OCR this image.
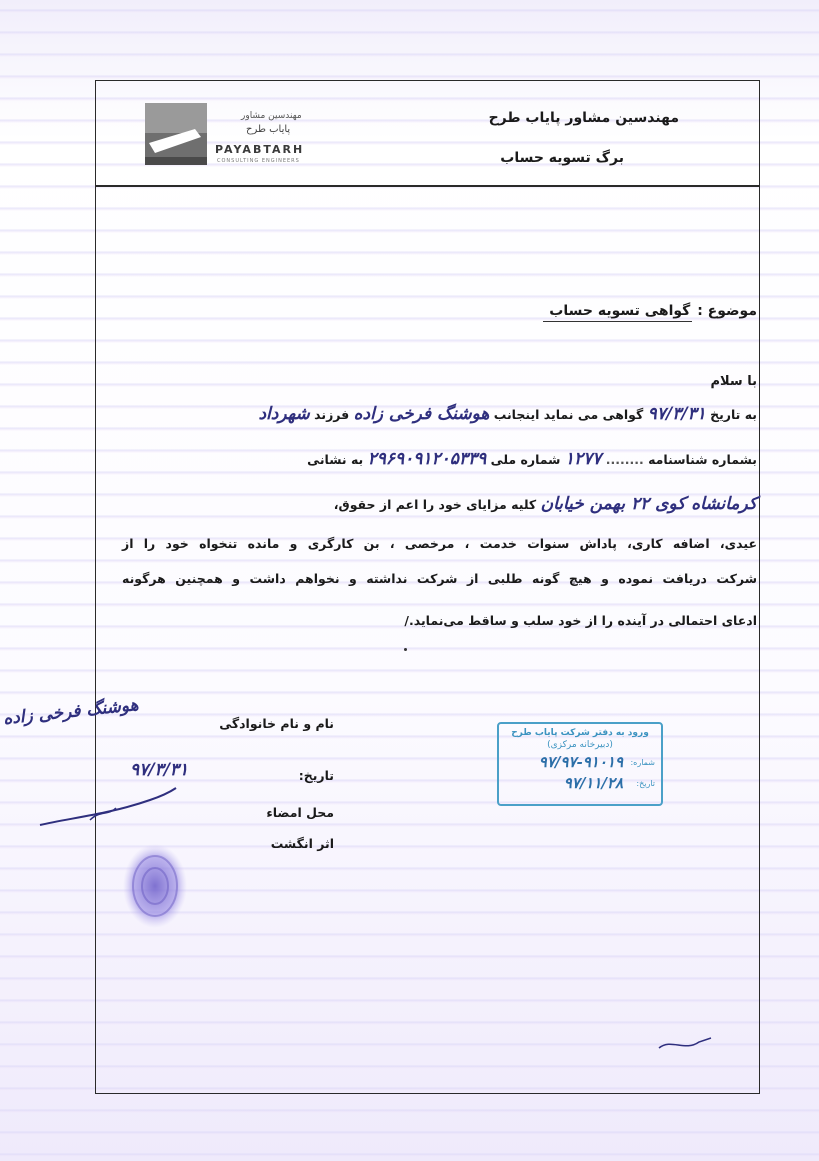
مهندسین مشاور
پایاب طرح
PAYABTARH
CONSULTING ENGINEERS
مهندسین مشاور پایاب طرح
برگ تسویه حساب
موضوع : گواهی تسویه حساب
با سلام
به تاریخ ۹۷/۳/۳۱ گواهی می نماید اینجانب هوشنگ فرخی زاده فرزند شهرداد
بشماره شناسنامه ........ ۱۲۷۷ شماره ملی ۲۹۶۹۰۹۱۲۰۵۳۳۹ به نشانی
کرمانشاه کوی ۲۲ بهمن خیابان کلیه مزایای خود را اعم از حقوق،
عیدی، اضافه کاری، پاداش سنوات خدمت ، مرخصی ، بن کارگری و مانده تنخواه خود را از
شرکت دریافت نموده و هیچ گونه طلبی از شرکت نداشته و نخواهم داشت و همچنین هرگونه
ادعای احتمالی در آینده را از خود سلب و ساقط می‌نماید./
نام و نام خانوادگی
هوشنگ فرخی زاده
تاریخ:
۹۷/۳/۳۱
محل امضاء
اثر انگشت
ورود به دفتر شرکت پایاب طرح
(دبیرخانه مرکزی)
شماره:
۹۷/۹۷-۹۱۰۱۹
تاریخ:
۹۷/۱۱/۲۸
